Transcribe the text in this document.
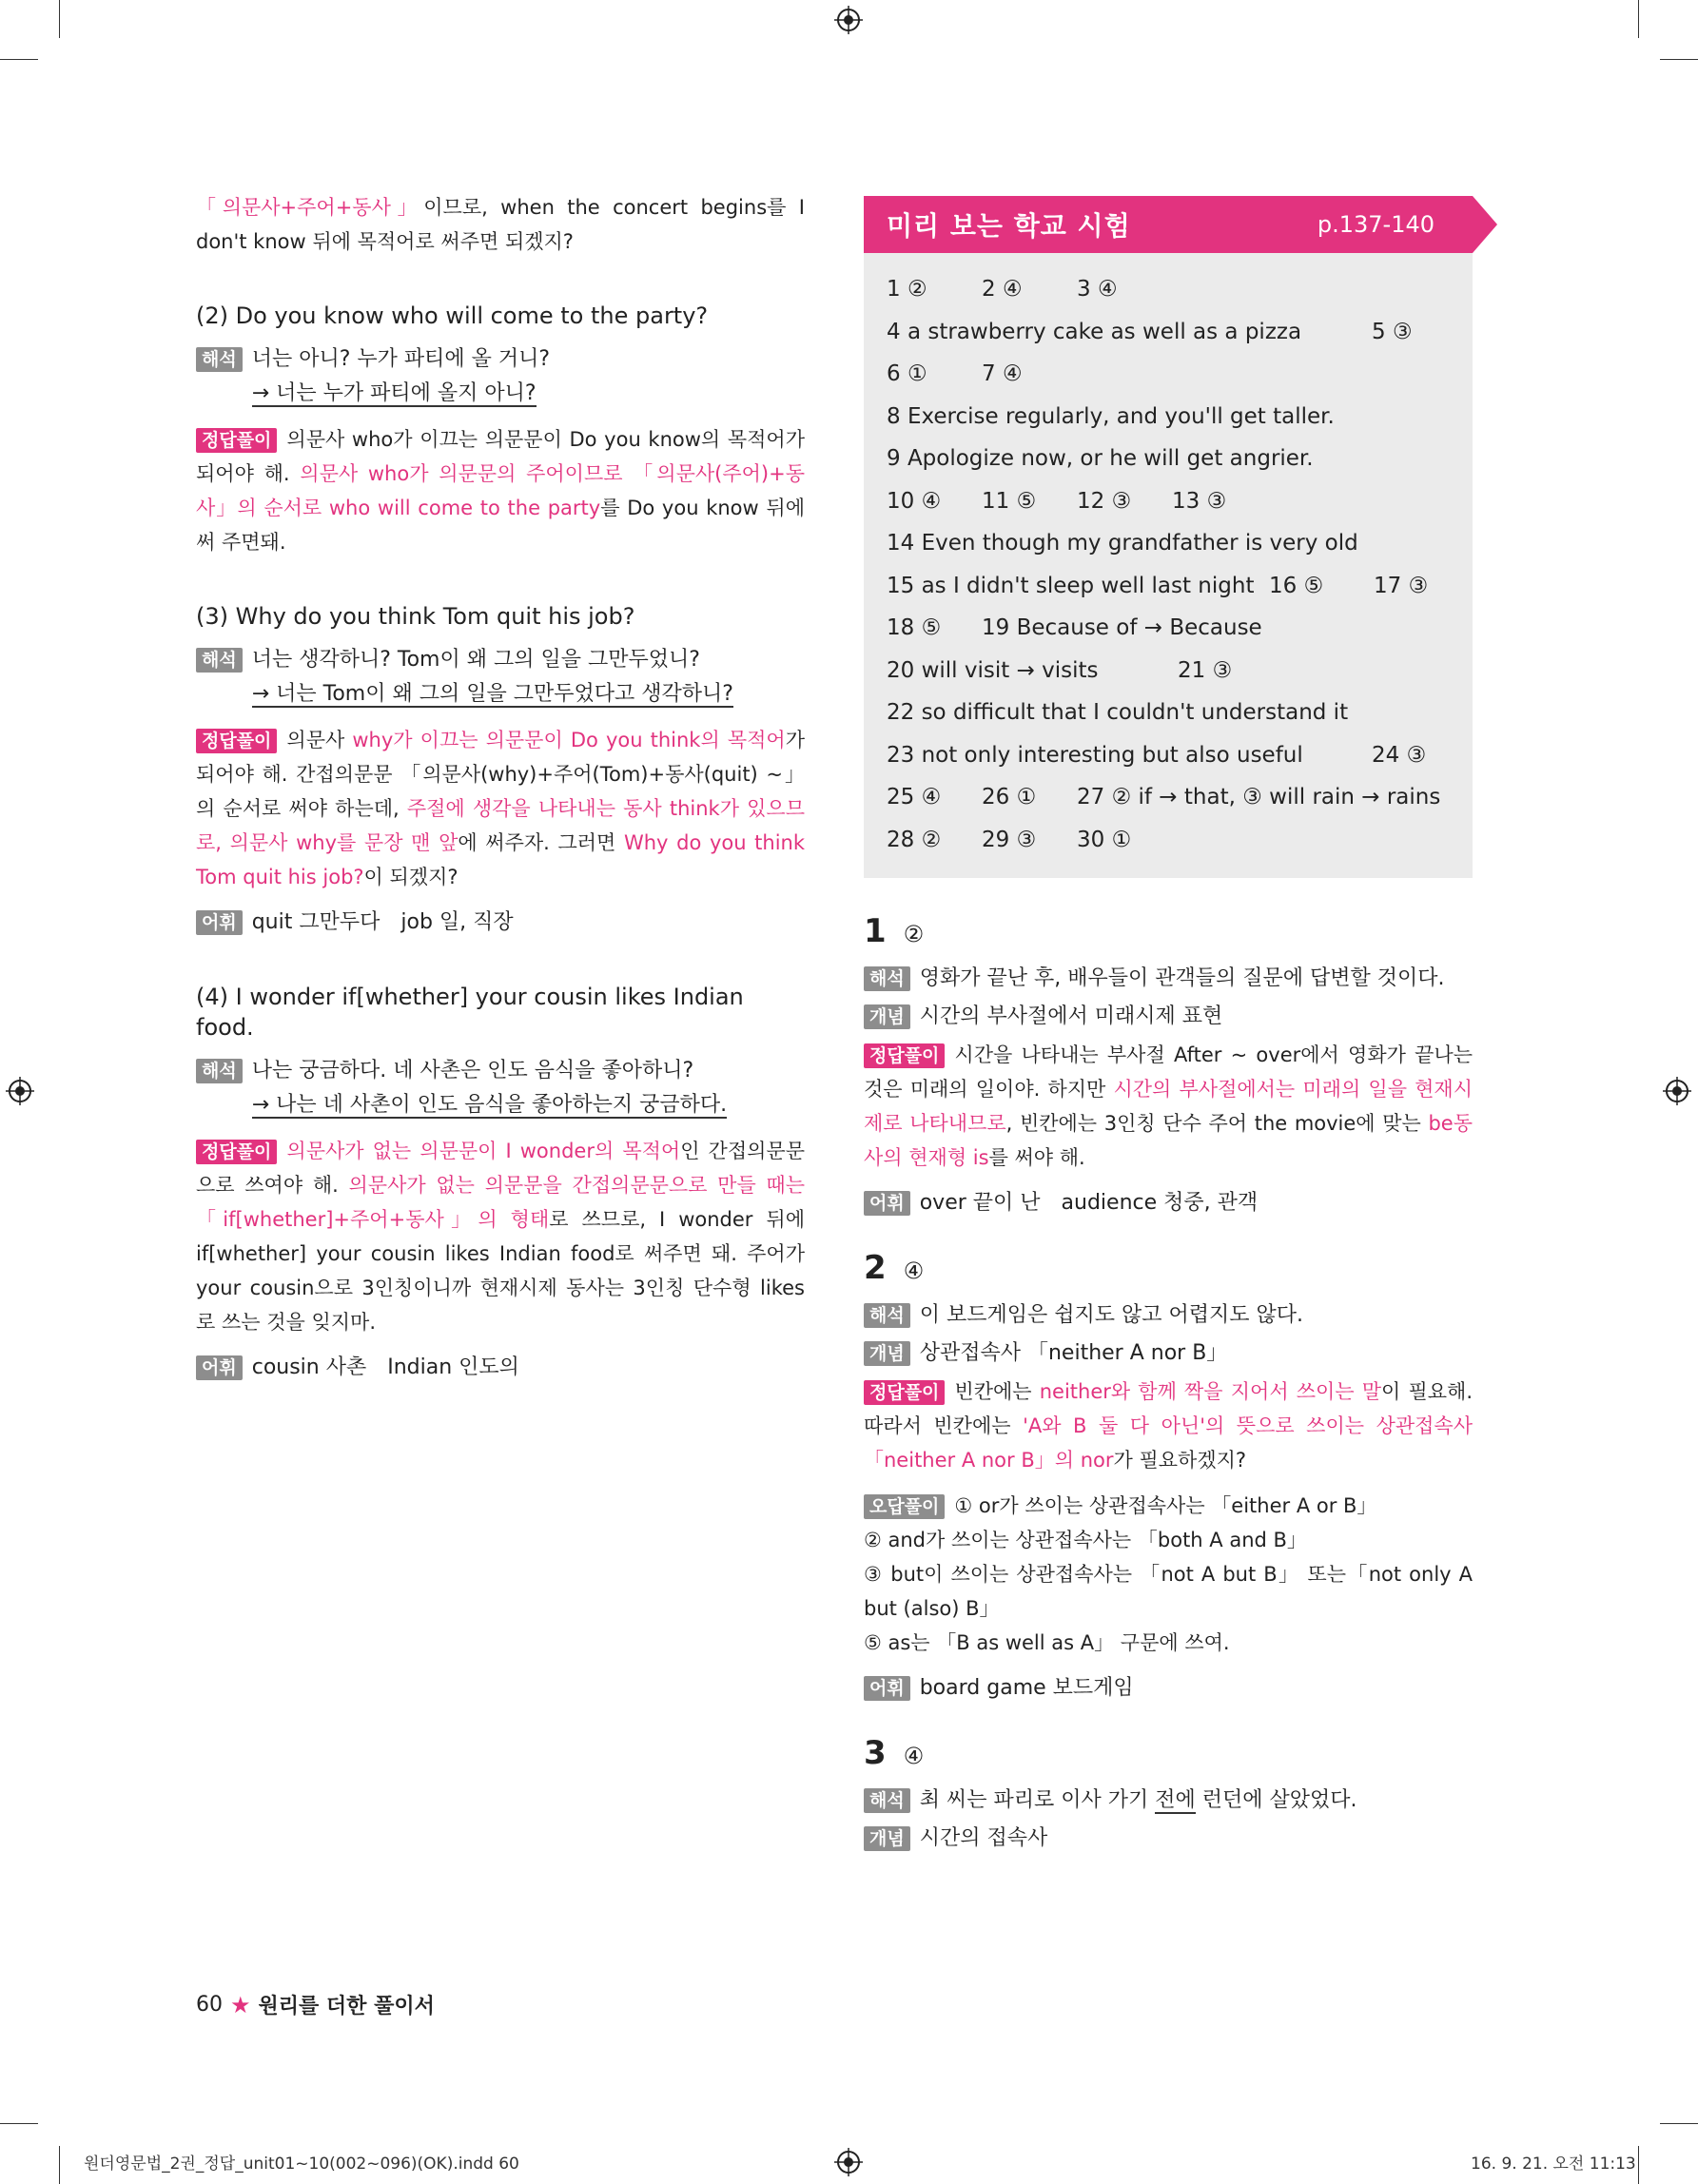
「의문사+주어+동사」이므로, when the concert begins를 I don't know 뒤에 목적어로 써주면 되겠지?

(2) Do you know who will come to the party?

해석 너는 아니? 누가 파티에 올 거니?
→ 너는 누가 파티에 올지 아니?

정답풀이 의문사 who가 이끄는 의문문이 Do you know의 목적어가 되어야 해. 의문사 who가 의문문의 주어이므로 「의문사(주어)+동사」의 순서로 who will come to the party를 Do you know 뒤에 써 주면돼.

(3) Why do you think Tom quit his job?

해석 너는 생각하니? Tom이 왜 그의 일을 그만두었니?
→ 너는 Tom이 왜 그의 일을 그만두었다고 생각하니?

정답풀이 의문사 why가 이끄는 의문문이 Do you think의 목적어가 되어야 해. 간접의문문 「의문사(why)+주어(Tom)+동사(quit) ~」의 순서로 써야 하는데, 주절에 생각을 나타내는 동사 think가 있으므로, 의문사 why를 문장 맨 앞에 써주자. 그러면 Why do you think Tom quit his job?이 되겠지?

어휘 quit 그만두다 job 일, 직장

(4) I wonder if[whether] your cousin likes Indian food.

해석 나는 궁금하다. 네 사촌은 인도 음식을 좋아하니?
→ 나는 네 사촌이 인도 음식을 좋아하는지 궁금하다.

정답풀이 의문사가 없는 의문문이 I wonder의 목적어인 간접의문문으로 쓰여야 해. 의문사가 없는 의문문을 간접의문문으로 만들 때는 「if[whether]+주어+동사」의 형태로 쓰므로, I wonder 뒤에 if[whether] your cousin likes Indian food로 써주면 돼. 주어가 your cousin으로 3인칭이니까 현재시제 동사는 3인칭 단수형 likes로 쓰는 것을 잊지마.

어휘 cousin 사촌 Indian 인도의
미리 보는 학교 시험	p.137-140
1 ② 2 ④ 3 ④
4 a strawberry cake as well as a pizza	5 ③
6 ① 7 ④
8 Exercise regularly, and you'll get taller.
9 Apologize now, or he will get angrier.
10 ④ 11 ⑤ 12 ③ 13 ③
14 Even though my grandfather is very old
15 as I didn't sleep well last night 16 ⑤ 17 ③
18 ⑤ 19 Because of → Because
20 will visit → visits	21 ③
22 so difficult that I couldn't understand it
23 not only interesting but also useful	24 ③
25 ④ 26 ① 27 ② if → that, ③ will rain → rains
28 ② 29 ③ 30 ①
1 ②
해석 영화가 끝난 후, 배우들이 관객들의 질문에 답변할 것이다.
개념 시간의 부사절에서 미래시제 표현

정답풀이 시간을 나타내는 부사절 After ~ over에서 영화가 끝나는 것은 미래의 일이야. 하지만 시간의 부사절에서는 미래의 일을 현재시제로 나타내므로, 빈칸에는 3인칭 단수 주어 the movie에 맞는 be동사의 현재형 is를 써야 해.

어휘 over 끝이 난 audience 청중, 관객
2 ④
해석 이 보드게임은 쉽지도 않고 어렵지도 않다.
개념 상관접속사 「neither A nor B」

정답풀이 빈칸에는 neither와 함께 짝을 지어서 쓰이는 말이 필요해. 따라서 빈칸에는 'A와 B 둘 다 아닌'의 뜻으로 쓰이는 상관접속사 「neither A nor B」의 nor가 필요하겠지?

오답풀이 ① or가 쓰이는 상관접속사는 「either A or B」
② and가 쓰이는 상관접속사는 「both A and B」
③ but이 쓰이는 상관접속사는 「not A but B」 또는「not only A but (also) B」
⑤ as는 「B as well as A」 구문에 쓰여.

어휘 board game 보드게임
3 ④
해석 최 씨는 파리로 이사 가기 전에 런던에 살았었다.
개념 시간의 접속사
60 ★ 원리를 더한 풀이서
원더영문법_2권_정답_unit01~10(002~096)(OK).indd 60	16. 9. 21. 오전 11:13
